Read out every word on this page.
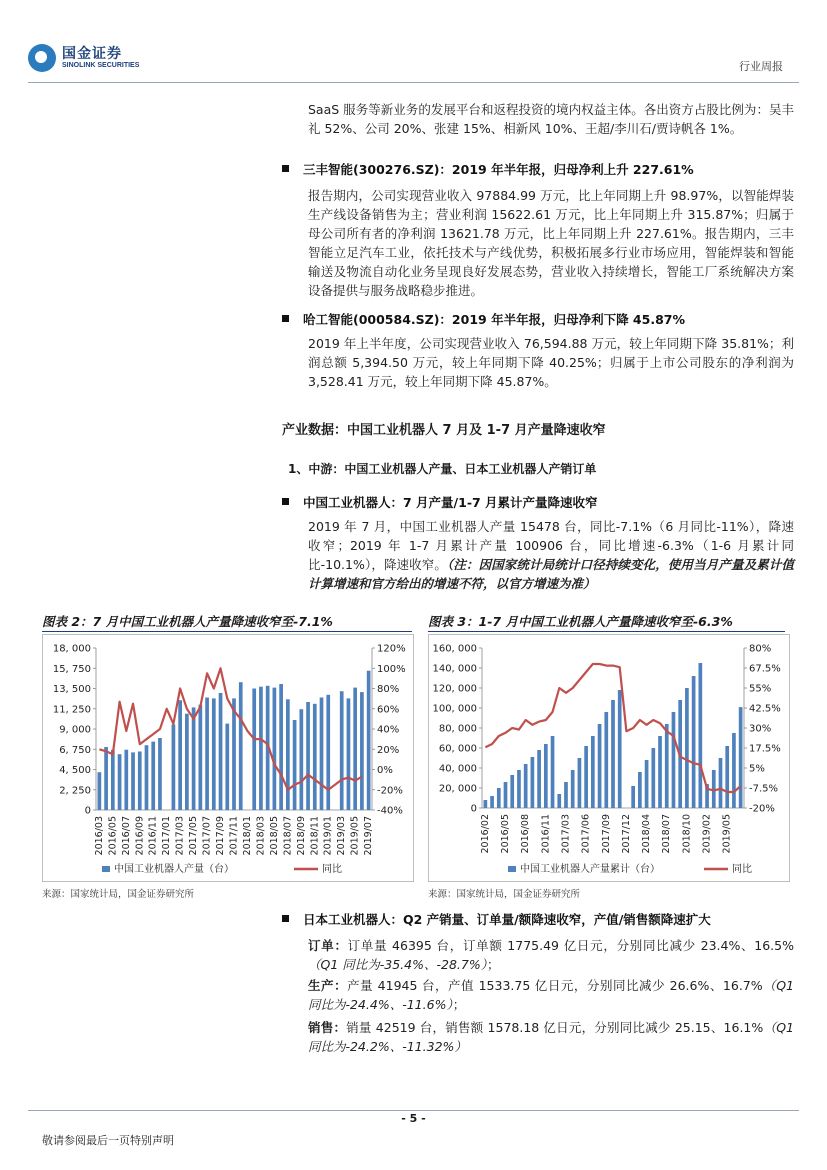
国金证券
SINOLINK SECURITIES	行业周报
SaaS 服务等新业务的发展平台和返程投资的境内权益主体。各出资方占股比例为：吴丰礼 52%、公司 20%、张建 15%、相新风 10%、王超/李川石/贾诗帆各 1%。
三丰智能(300276.SZ)：2019 年半年报，归母净利上升 227.61%
报告期内，公司实现营业收入 97884.99 万元，比上年同期上升 98.97%，以智能焊装生产线设备销售为主；营业利润 15622.61 万元，比上年同期上升 315.87%；归属于母公司所有者的净利润 13621.78 万元，比上年同期上升 227.61%。报告期内，三丰智能立足汽车工业，依托技术与产线优势，积极拓展多行业市场应用，智能焊装和智能输送及物流自动化业务呈现良好发展态势，营业收入持续增长，智能工厂系统解决方案设备提供与服务战略稳步推进。
哈工智能(000584.SZ)：2019 年半年报，归母净利下降 45.87%
2019 年上半年度，公司实现营业收入 76,594.88 万元，较上年同期下降 35.81%；利润总额 5,394.50 万元，较上年同期下降 40.25%；归属于上市公司股东的净利润为 3,528.41 万元，较上年同期下降 45.87%。
产业数据：中国工业机器人 7 月及 1-7 月产量降速收窄
1、中游：中国工业机器人产量、日本工业机器人产销订单
中国工业机器人：7 月产量/1-7 月累计产量降速收窄
2019 年 7 月，中国工业机器人产量 15478 台，同比-7.1%（6 月同比-11%），降速收窄；2019 年 1-7 月累计产量 100906 台，同比增速-6.3%（1-6 月累计同比-10.1%），降速收窄。（注：因国家统计局统计口径持续变化，使用当月产量及累计值计算增速和官方给出的增速不符，以官方增速为准）
图表 2：7 月中国工业机器人产量降速收窄至-7.1%	图表 3：1-7 月中国工业机器人产量降速收窄至-6.3%
0
2, 250
4, 500
6, 750
9, 000
11, 250
13, 500
15, 750
18, 000
-40%
-20%
0%
20%
40%
60%
80%
100%
120%
2016/03 2016/05 2016/07 2016/09 2016/11 2017/01 2017/03 2017/05 2017/07 2017/09 2017/11 2018/01 2018/03 2018/05 2018/07 2018/09 2018/11 2019/01 2019/03 2019/05 2019/07
中国工业机器人产量（台）	同比
0
20, 000
40, 000
60, 000
80, 000
100, 000
120, 000
140, 000
160, 000
-20%
-7.5%
5%
17.5%
30%
42.5%
55%
67.5%
80%
2016/02 2016/05 2016/08 2016/11 2017/03 2017/06 2017/09 2017/12 2018/04 2018/07 2018/10 2019/02 2019/05
中国工业机器人产量累计（台）	同比
来源：国家统计局，国金证券研究所	来源：国家统计局，国金证券研究所
日本工业机器人：Q2 产销量、订单量/额降速收窄，产值/销售额降速扩大
订单：订单量 46395 台，订单额 1775.49 亿日元，分别同比减少 23.4%、16.5%（Q1 同比为-35.4%、-28.7%）；
生产：产量 41945 台，产值 1533.75 亿日元，分别同比减少 26.6%、16.7%（Q1 同比为-24.4%、-11.6%）；
销售：销量 42519 台，销售额 1578.18 亿日元，分别同比减少 25.15、16.1%（Q1 同比为-24.2%、-11.32%）
- 5 -
敬请参阅最后一页特别声明
